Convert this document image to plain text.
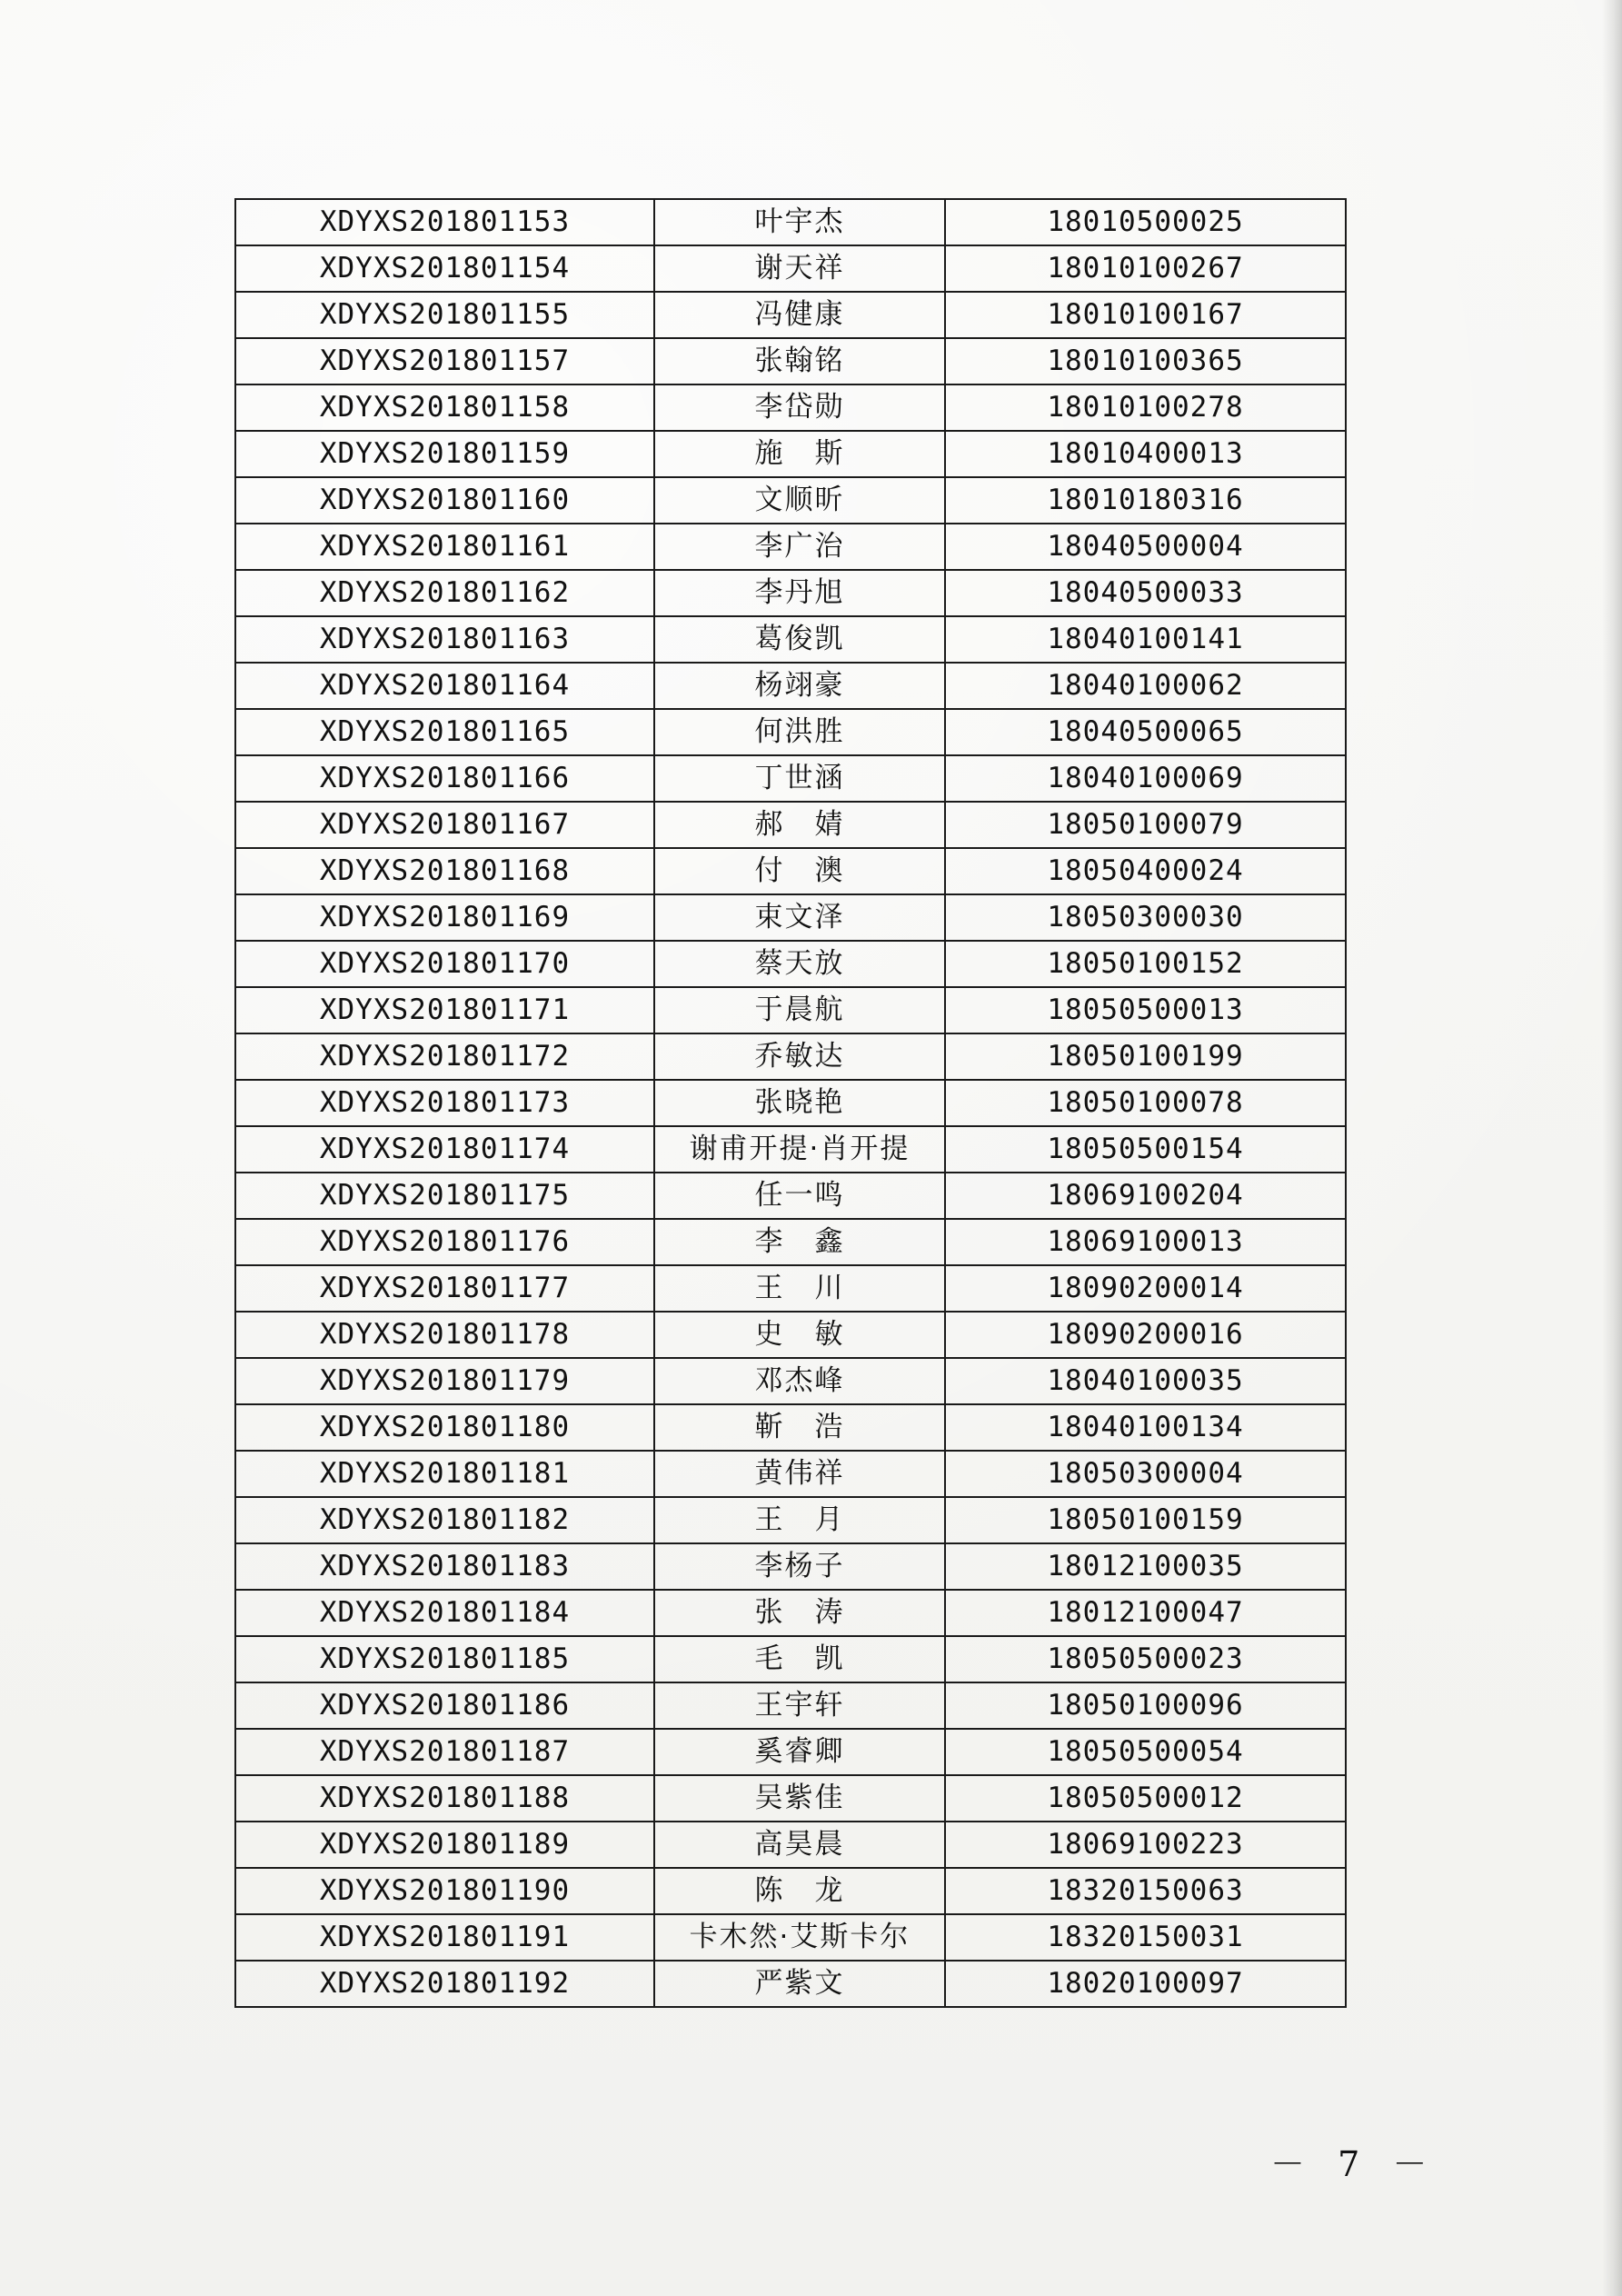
XDYXS201801153	叶宇杰	18010500025
XDYXS201801154	谢天祥	18010100267
XDYXS201801155	冯健康	18010100167
XDYXS201801157	张翰铭	18010100365
XDYXS201801158	李岱勋	18010100278
XDYXS201801159	施　斯	18010400013
XDYXS201801160	文顺昕	18010180316
XDYXS201801161	李广治	18040500004
XDYXS201801162	李丹旭	18040500033
XDYXS201801163	葛俊凯	18040100141
XDYXS201801164	杨翊豪	18040100062
XDYXS201801165	何洪胜	18040500065
XDYXS201801166	丁世涵	18040100069
XDYXS201801167	郝　婧	18050100079
XDYXS201801168	付　澳	18050400024
XDYXS201801169	束文泽	18050300030
XDYXS201801170	蔡天放	18050100152
XDYXS201801171	于晨航	18050500013
XDYXS201801172	乔敏达	18050100199
XDYXS201801173	张晓艳	18050100078
XDYXS201801174	谢甫开提·肖开提	18050500154
XDYXS201801175	任一鸣	18069100204
XDYXS201801176	李　鑫	18069100013
XDYXS201801177	王　川	18090200014
XDYXS201801178	史　敏	18090200016
XDYXS201801179	邓杰峰	18040100035
XDYXS201801180	靳　浩	18040100134
XDYXS201801181	黄伟祥	18050300004
XDYXS201801182	王　月	18050100159
XDYXS201801183	李杨子	18012100035
XDYXS201801184	张　涛	18012100047
XDYXS201801185	毛　凯	18050500023
XDYXS201801186	王宇轩	18050100096
XDYXS201801187	奚睿卿	18050500054
XDYXS201801188	吴紫佳	18050500012
XDYXS201801189	高昊晨	18069100223
XDYXS201801190	陈　龙	18320150063
XDYXS201801191	卡木然·艾斯卡尔	18320150031
XDYXS201801192	严紫文	18020100097
－ 7 －
